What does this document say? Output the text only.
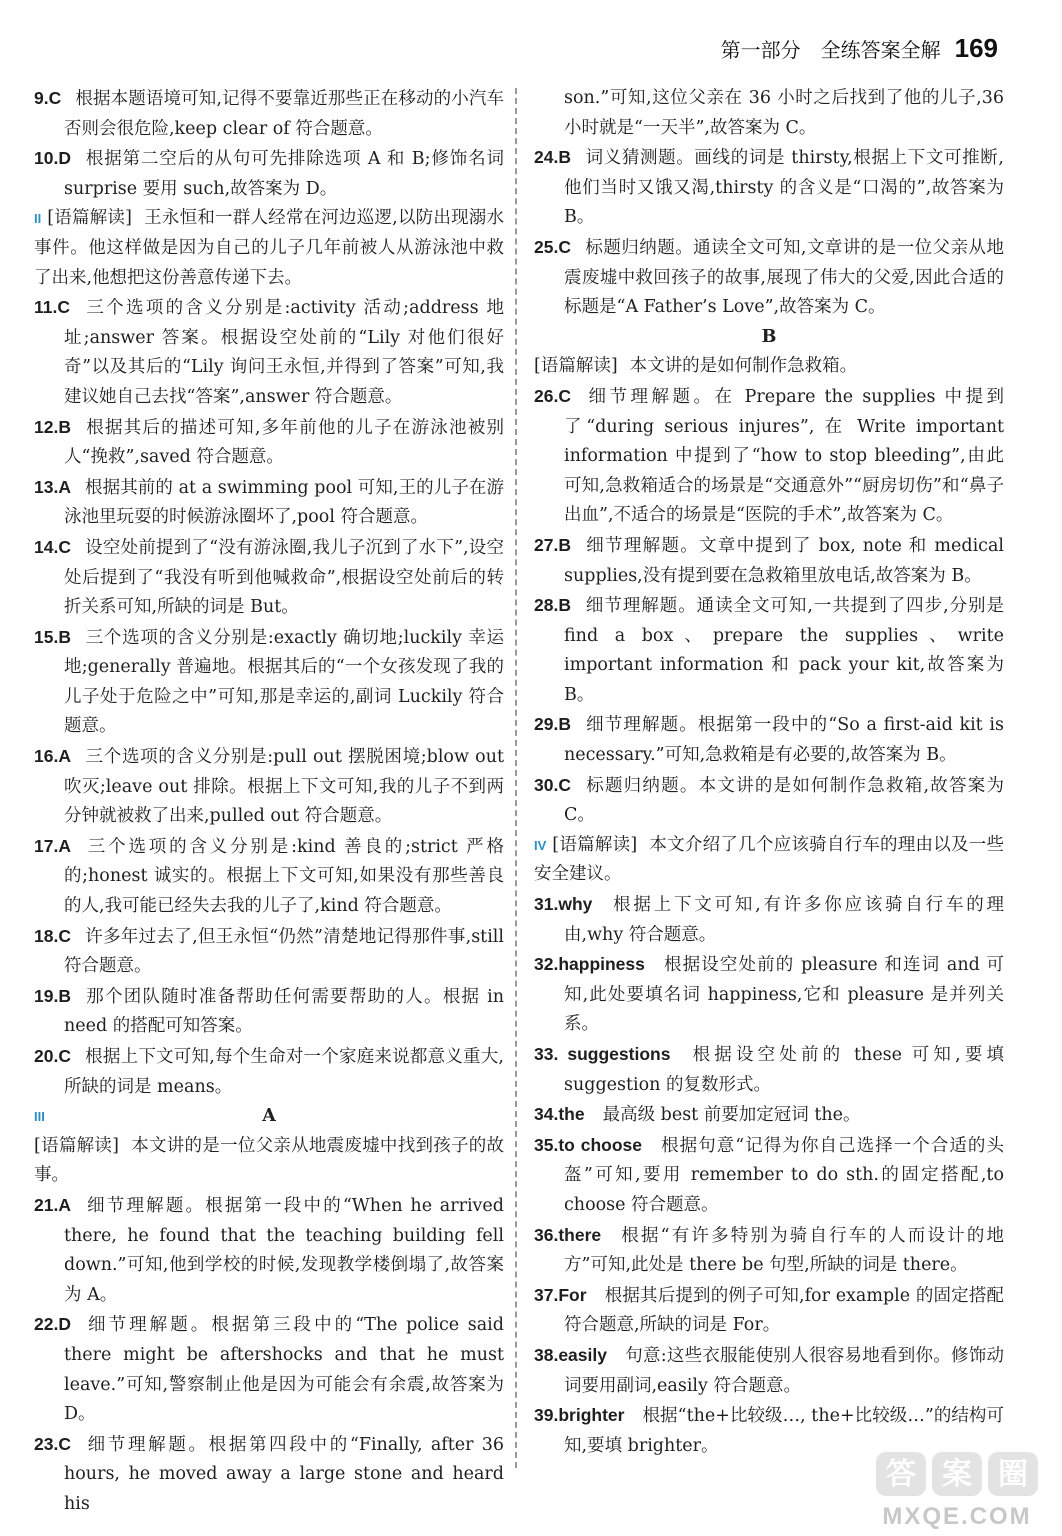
第一部分　全练答案全解 169

9.C 根据本题语境可知,记得不要靠近那些正在移动的小汽车否则会很危险,keep clear of 符合题意。

10.D 根据第二空后的从句可先排除选项 A 和 B;修饰名词 surprise 要用 such,故答案为 D。

II [语篇解读] 王永恒和一群人经常在河边巡逻,以防出现溺水事件。他这样做是因为自己的儿子几年前被人从游泳池中救了出来,他想把这份善意传递下去。

11.C 三个选项的含义分别是:activity 活动;address 地址;answer 答案。根据设空处前的“Lily 对他们很好奇”以及其后的“Lily 询问王永恒,并得到了答案”可知,我建议她自己去找“答案”,answer 符合题意。

12.B 根据其后的描述可知,多年前他的儿子在游泳池被别人“挽救”,saved 符合题意。

13.A 根据其前的 at a swimming pool 可知,王的儿子在游泳池里玩耍的时候游泳圈坏了,pool 符合题意。

14.C 设空处前提到了“没有游泳圈,我儿子沉到了水下”,设空处后提到了“我没有听到他喊救命”,根据设空处前后的转折关系可知,所缺的词是 But。

15.B 三个选项的含义分别是:exactly 确切地;luckily 幸运地;generally 普遍地。根据其后的“一个女孩发现了我的儿子处于危险之中”可知,那是幸运的,副词 Luckily 符合题意。

16.A 三个选项的含义分别是:pull out 摆脱困境;blow out 吹灭;leave out 排除。根据上下文可知,我的儿子不到两分钟就被救了出来,pulled out 符合题意。

17.A 三个选项的含义分别是:kind 善良的;strict 严格的;honest 诚实的。根据上下文可知,如果没有那些善良的人,我可能已经失去我的儿子了,kind 符合题意。

18.C 许多年过去了,但王永恒“仍然”清楚地记得那件事,still 符合题意。

19.B 那个团队随时准备帮助任何需要帮助的人。根据 in need 的搭配可知答案。

20.C 根据上下文可知,每个生命对一个家庭来说都意义重大,所缺的词是 means。

III	A

[语篇解读] 本文讲的是一位父亲从地震废墟中找到孩子的故事。

21.A 细节理解题。根据第一段中的“When he arrived there, he found that the teaching building fell down.”可知,他到学校的时候,发现教学楼倒塌了,故答案为 A。

22.D 细节理解题。根据第三段中的“The police said there might be aftershocks and that he must leave.”可知,警察制止他是因为可能会有余震,故答案为 D。

23.C 细节理解题。根据第四段中的“Finally, after 36 hours, he moved away a large stone and heard his

son.”可知,这位父亲在 36 小时之后找到了他的儿子,36 小时就是“一天半”,故答案为 C。

24.B 词义猜测题。画线的词是 thirsty,根据上下文可推断,他们当时又饿又渴,thirsty 的含义是“口渴的”,故答案为 B。

25.C 标题归纳题。通读全文可知,文章讲的是一位父亲从地震废墟中救回孩子的故事,展现了伟大的父爱,因此合适的标题是“A Father’s Love”,故答案为 C。

B

[语篇解读] 本文讲的是如何制作急救箱。

26.C 细节理解题。在 Prepare the supplies 中提到了“during serious injures”, 在 Write important information 中提到了“how to stop bleeding”,由此可知,急救箱适合的场景是“交通意外”“厨房切伤”和“鼻子出血”,不适合的场景是“医院的手术”,故答案为 C。

27.B 细节理解题。文章中提到了 box, note 和 medical supplies,没有提到要在急救箱里放电话,故答案为 B。

28.B 细节理解题。通读全文可知,一共提到了四步,分别是 find a box、prepare the supplies、write important information 和 pack your kit,故答案为 B。

29.B 细节理解题。根据第一段中的“So a first-aid kit is necessary.”可知,急救箱是有必要的,故答案为 B。

30.C 标题归纳题。本文讲的是如何制作急救箱,故答案为 C。

IV [语篇解读] 本文介绍了几个应该骑自行车的理由以及一些安全建议。

31.why 根据上下文可知,有许多你应该骑自行车的理由,why 符合题意。

32.happiness 根据设空处前的 pleasure 和连词 and 可知,此处要填名词 happiness,它和 pleasure 是并列关系。

33. suggestions 根据设空处前的 these 可知,要填 suggestion 的复数形式。

34.the 最高级 best 前要加定冠词 the。

35.to choose 根据句意“记得为你自己选择一个合适的头盔”可知,要用 remember to do sth.的固定搭配,to choose 符合题意。

36.there 根据“有许多特别为骑自行车的人而设计的地方”可知,此处是 there be 句型,所缺的词是 there。

37.For 根据其后提到的例子可知,for example 的固定搭配符合题意,所缺的词是 For。

38.easily 句意:这些衣服能使别人很容易地看到你。修饰动词要用副词,easily 符合题意。

39.brighter 根据“the+比较级…, the+比较级…”的结构可知,要填 brighter。

答 案 圈
MXQE.COM
